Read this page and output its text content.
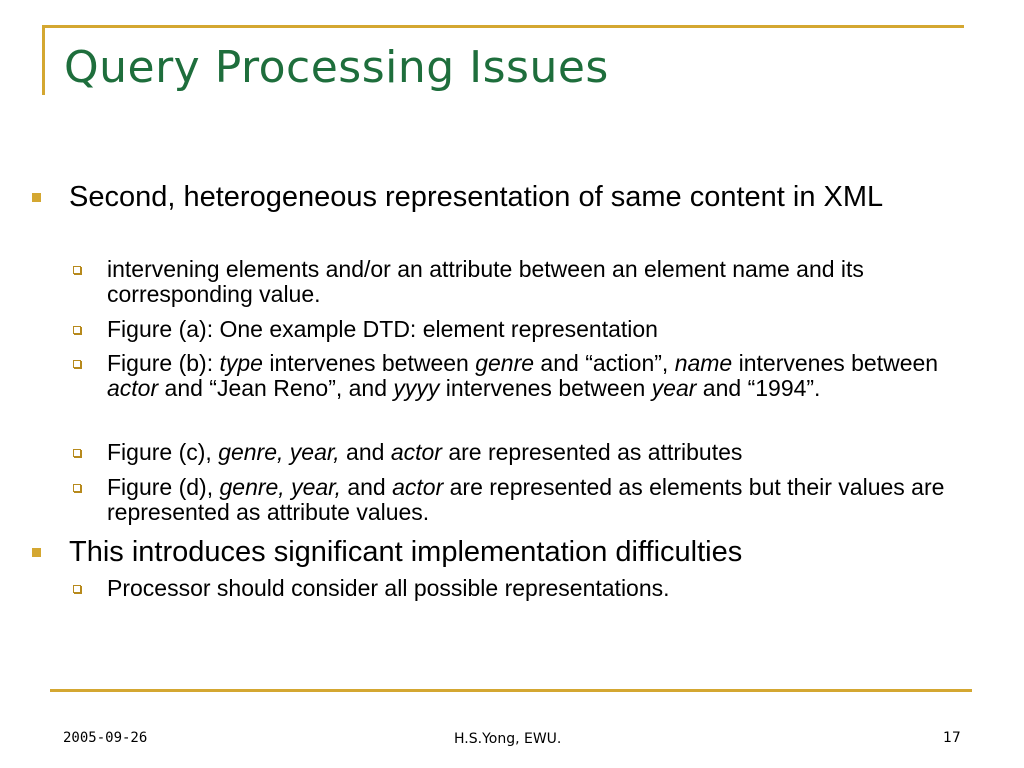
Query Processing Issues
Second, heterogeneous representation of same content in XML
intervening elements and/or an attribute between an element name and its corresponding value.
Figure (a): One example DTD: element representation
Figure (b): type intervenes between genre and “action”, name intervenes between actor and “Jean Reno”, and yyyy intervenes between year and “1994”.
Figure (c), genre, year, and actor are represented as attributes
Figure (d), genre, year, and actor are represented as elements but their values are represented as attribute values.
This introduces significant implementation difficulties
Processor should consider all possible representations.
2005-09-26	H.S.Yong, EWU.	17
